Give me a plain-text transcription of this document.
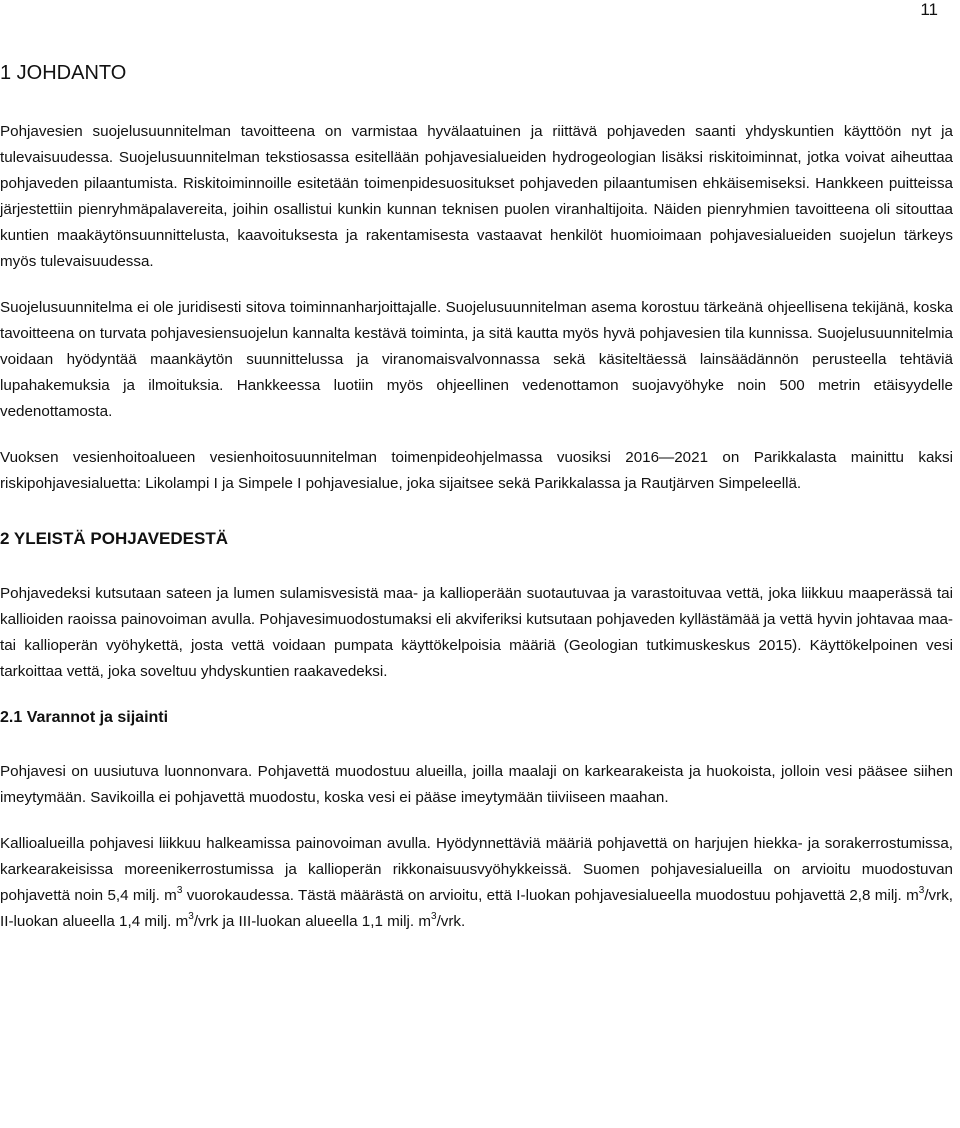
11
1 JOHDANTO

Pohjavesien suojelusuunnitelman tavoitteena on varmistaa hyvälaatuinen ja riittävä pohjaveden saanti yhdyskuntien käyttöön nyt ja tulevaisuudessa. Suojelusuunnitelman tekstiosassa esitellään pohjavesialueiden hydrogeologian lisäksi riskitoiminnat, jotka voivat aiheuttaa pohjaveden pilaantumista. Riskitoiminnoille esitetään toimenpidesuositukset pohjaveden pilaantumisen ehkäisemiseksi. Hankkeen puitteissa järjestettiin pienryhmäpalavereita, joihin osallistui kunkin kunnan teknisen puolen viranhaltijoita. Näiden pienryhmien tavoitteena oli sitouttaa kuntien maakäytönsuunnittelusta, kaavoituksesta ja rakentamisesta vastaavat henkilöt huomioimaan pohjavesialueiden suojelun tärkeys myös tulevaisuudessa.

Suojelusuunnitelma ei ole juridisesti sitova toiminnanharjoittajalle. Suojelusuunnitelman asema korostuu tärkeänä ohjeellisena tekijänä, koska tavoitteena on turvata pohjavesiensuojelun kannalta kestävä toiminta, ja sitä kautta myös hyvä pohjavesien tila kunnissa. Suojelusuunnitelmia voidaan hyödyntää maankäytön suunnittelussa ja viranomaisvalvonnassa sekä käsiteltäessä lainsäädännön perusteella tehtäviä lupahakemuksia ja ilmoituksia. Hankkeessa luotiin myös ohjeellinen vedenottamon suojavyöhyke noin 500 metrin etäisyydelle vedenottamosta.

Vuoksen vesienhoitoalueen vesienhoitosuunnitelman toimenpideohjelmassa vuosiksi 2016—2021 on Parikkalasta mainittu kaksi riskipohjavesialuetta: Likolampi I ja Simpele I pohjavesialue, joka sijaitsee sekä Parikkalassa ja Rautjärven Simpeleellä.

2 YLEISTÄ POHJAVEDESTÄ

Pohjavedeksi kutsutaan sateen ja lumen sulamisvesistä maa- ja kallioperään suotautuvaa ja varastoituvaa vettä, joka liikkuu maaperässä tai kallioiden raoissa painovoiman avulla. Pohjavesimuodostumaksi eli akviferiksi kutsutaan pohjaveden kyllästämää ja vettä hyvin johtavaa maa- tai kallioperän vyöhykettä, josta vettä voidaan pumpata käyttökelpoisia määriä (Geologian tutkimuskeskus 2015). Käyttökelpoinen vesi tarkoittaa vettä, joka soveltuu yhdyskuntien raakavedeksi.

2.1 Varannot ja sijainti

Pohjavesi on uusiutuva luonnonvara. Pohjavettä muodostuu alueilla, joilla maalaji on karkearakeista ja huokoista, jolloin vesi pääsee siihen imeytymään. Savikoilla ei pohjavettä muodostu, koska vesi ei pääse imeytymään tiiviiseen maahan.

Kallioalueilla pohjavesi liikkuu halkeamissa painovoiman avulla. Hyödynnettäviä määriä pohjavettä on harjujen hiekka- ja sorakerrostumissa, karkearakeisissa moreenikerrostumissa ja kallioperän rikkonaisuusvyöhykkeissä. Suomen pohjavesialueilla on arvioitu muodostuvan pohjavettä noin 5,4 milj. $m^3$ vuorokaudessa. Tästä määrästä on arvioitu, että I-luokan pohjavesialueella muodostuu pohjavettä 2,8 milj. $m^3$/vrk, II-luokan alueella 1,4 milj. $m^3$/vrk ja III-luokan alueella 1,1 milj. $m^3$/vrk.
